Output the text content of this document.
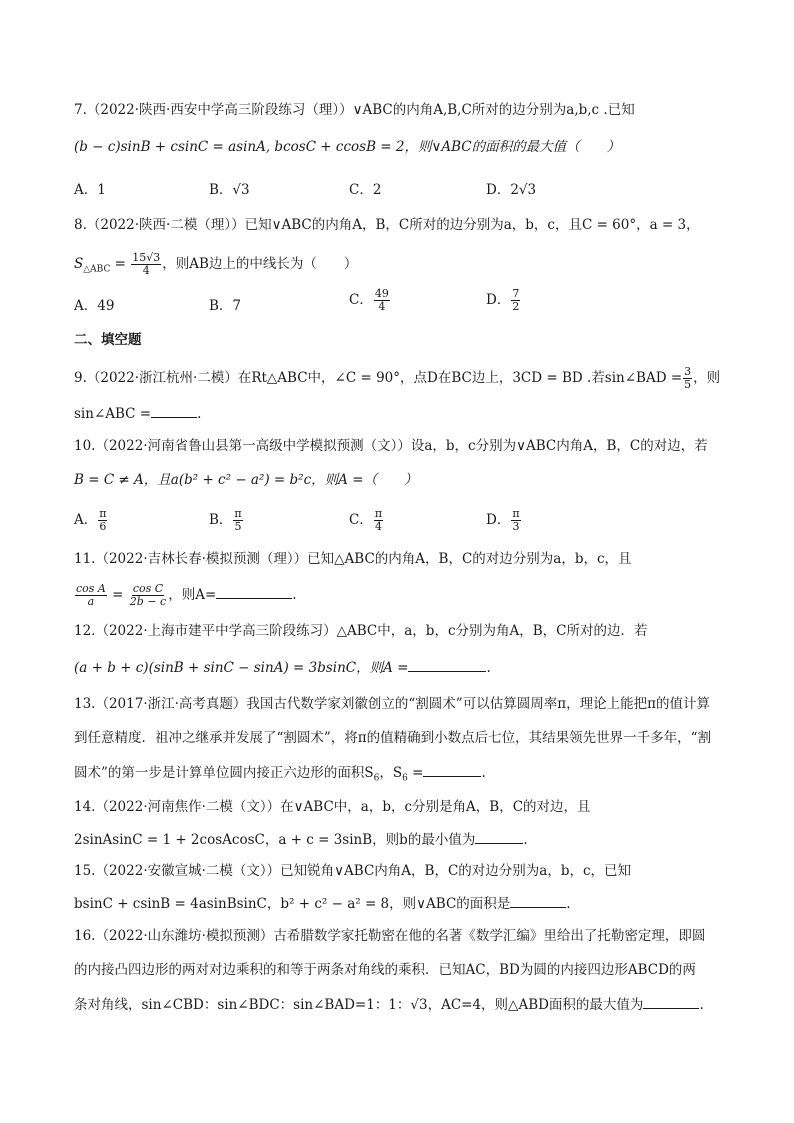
7.（2022·陕西·西安中学高三阶段练习（理））∨ABC的内角A,B,C所对的边分别为a,b,c .已知
(b − c)sinB + csinC = asinA, bcosC + ccosB = 2，则∨ABC的面积的最大值（　　）
A．1	B．√3	C．2	D．2√3
8.（2022·陕西·二模（理））已知∨ABC的内角A，B，C所对的边分别为a，b，c，且C = 60°，a = 3，
$S_{\triangle ABC} = \frac{15√3}{4}$ ，则AB边上的中线长为（　　）
A．49	B．7	C． $\frac{49}{4}$	D． $\frac{7}{2}$
二、填空题
9.（2022·浙江杭州·二模）在Rt△ABC中，∠C = 90°，点D在BC边上，3CD = BD .若sin∠BAD = $\frac{3}{5}$ ，则
sin∠ABC =	.
10.（2022·河南省鲁山县第一高级中学模拟预测（文））设a，b，c分别为∨ABC内角A，B，C的对边，若
B = C ≠ A，且a(b² + c² − a²) = b²c，则A =（　　）
A． $\frac{\pi}{6}$	B． $\frac{\pi}{5}$	C． $\frac{\pi}{4}$	D． $\frac{\pi}{3}$
11.（2022·吉林长春·模拟预测（理））已知△ABC的内角A，B，C的对边分别为a，b，c，且
$\frac{\text{cos A}}{a} = \frac{\text{cos C}}{2b - c}$ ，则A=	.
12.（2022·上海市建平中学高三阶段练习）△ABC中，a，b，c分别为角A，B，C所对的边．若
(a + b + c)(sinB + sinC − sinA) = 3bsinC，则A =	.
13.（2017·浙江·高考真题）我国古代数学家刘徽创立的“割圆术”可以估算圆周率π，理论上能把π的值计算
到任意精度．祖冲之继承并发展了“割圆术”，将π的值精确到小数点后七位，其结果领先世界一千多年，“割
圆术”的第一步是计算单位圆内接正六边形的面积$S_6$，$S_6$ =	.
14.（2022·河南焦作·二模（文））在∨ABC中，a，b，c分别是角A，B，C的对边，且
2sinAsinC = 1 + 2cosAcosC，a + c = 3sinB，则b的最小值为	.
15.（2022·安徽宣城·二模（文））已知锐角∨ABC内角A，B，C的对边分别为a，b，c，已知
bsinC + csinB = 4asinBsinC，b² + c² − a² = 8，则∨ABC的面积是	.
16.（2022·山东潍坊·模拟预测）古希腊数学家托勒密在他的名著《数学汇编》里给出了托勒密定理，即圆
的内接凸四边形的两对对边乘积的和等于两条对角线的乘积．已知AC，BD为圆的内接四边形ABCD的两
条对角线，sin∠CBD：sin∠BDC：sin∠BAD=1：1：√3，AC=4，则△ABD面积的最大值为	.
